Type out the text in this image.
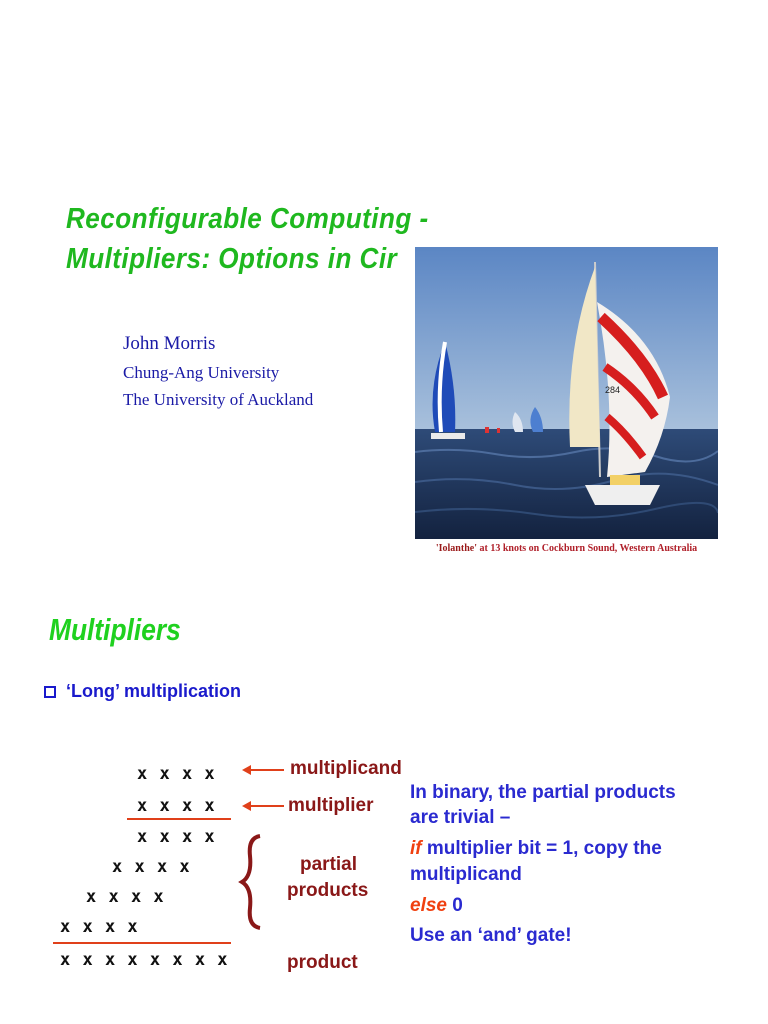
Reconfigurable Computing -
Multipliers: Options in Cir
John Morris
Chung-Ang University
The University of Auckland	284
'Iolanthe' at 13 knots on Cockburn Sound, Western Australia
Multipliers
‘Long’ multiplication
x x x x
x x x x
x x x x
x x x x
x x x x
x x x x
x x x x x x x x
multiplicand
multiplier
partial
products
product
In binary, the partial products
are trivial –
if multiplier bit = 1, copy the
multiplicand
else 0
Use an ‘and’ gate!
